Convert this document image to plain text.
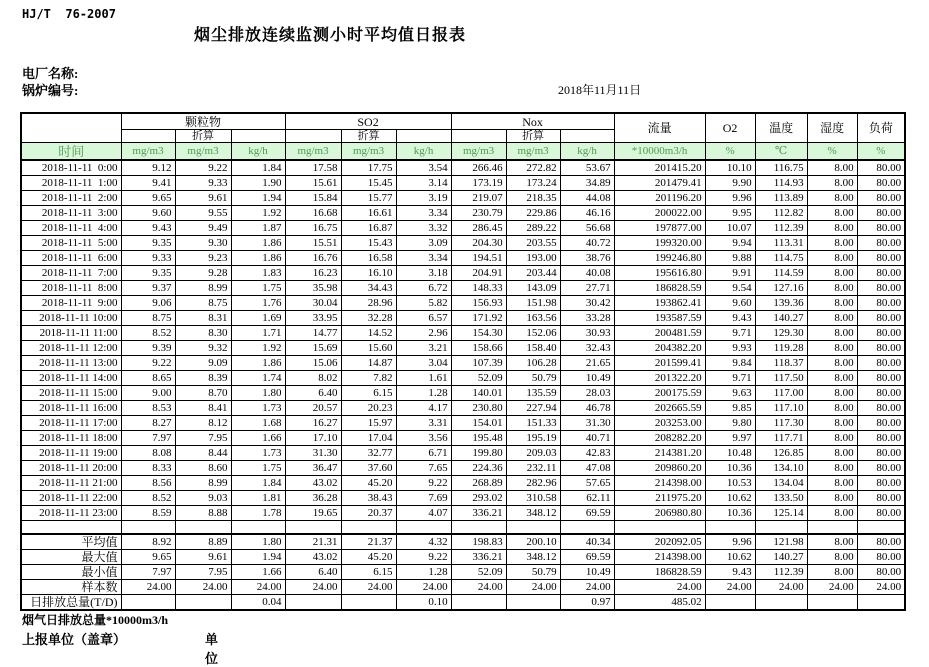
HJ/T  76-2007
烟尘排放连续监测小时平均值日报表
电厂名称:
锅炉编号:	2018年11月11日
	颗粒物			SO2			Nox			流量	O2	温度	湿度	负荷
		折算			折算			折算						
时间	mg/m3	mg/m3	kg/h	mg/m3	mg/m3	kg/h	mg/m3	mg/m3	kg/h	*10000m3/h	%	℃	%	%
2018-11-11  0:00	9.12	9.22	1.84	17.58	17.75	3.54	266.46	272.82	53.67	201415.20	10.10	116.75	8.00	80.00
2018-11-11  1:00	9.41	9.33	1.90	15.61	15.45	3.14	173.19	173.24	34.89	201479.41	9.90	114.93	8.00	80.00
2018-11-11  2:00	9.65	9.61	1.94	15.84	15.77	3.19	219.07	218.35	44.08	201196.20	9.96	113.89	8.00	80.00
2018-11-11  3:00	9.60	9.55	1.92	16.68	16.61	3.34	230.79	229.86	46.16	200022.00	9.95	112.82	8.00	80.00
2018-11-11  4:00	9.43	9.49	1.87	16.75	16.87	3.32	286.45	289.22	56.68	197877.00	10.07	112.39	8.00	80.00
2018-11-11  5:00	9.35	9.30	1.86	15.51	15.43	3.09	204.30	203.55	40.72	199320.00	9.94	113.31	8.00	80.00
2018-11-11  6:00	9.33	9.23	1.86	16.76	16.58	3.34	194.51	193.00	38.76	199246.80	9.88	114.75	8.00	80.00
2018-11-11  7:00	9.35	9.28	1.83	16.23	16.10	3.18	204.91	203.44	40.08	195616.80	9.91	114.59	8.00	80.00
2018-11-11  8:00	9.37	8.99	1.75	35.98	34.43	6.72	148.33	143.09	27.71	186828.59	9.54	127.16	8.00	80.00
2018-11-11  9:00	9.06	8.75	1.76	30.04	28.96	5.82	156.93	151.98	30.42	193862.41	9.60	139.36	8.00	80.00
2018-11-11 10:00	8.75	8.31	1.69	33.95	32.28	6.57	171.92	163.56	33.28	193587.59	9.43	140.27	8.00	80.00
2018-11-11 11:00	8.52	8.30	1.71	14.77	14.52	2.96	154.30	152.06	30.93	200481.59	9.71	129.30	8.00	80.00
2018-11-11 12:00	9.39	9.32	1.92	15.69	15.60	3.21	158.66	158.40	32.43	204382.20	9.93	119.28	8.00	80.00
2018-11-11 13:00	9.22	9.09	1.86	15.06	14.87	3.04	107.39	106.28	21.65	201599.41	9.84	118.37	8.00	80.00
2018-11-11 14:00	8.65	8.39	1.74	8.02	7.82	1.61	52.09	50.79	10.49	201322.20	9.71	117.50	8.00	80.00
2018-11-11 15:00	9.00	8.70	1.80	6.40	6.15	1.28	140.01	135.59	28.03	200175.59	9.63	117.00	8.00	80.00
2018-11-11 16:00	8.53	8.41	1.73	20.57	20.23	4.17	230.80	227.94	46.78	202665.59	9.85	117.10	8.00	80.00
2018-11-11 17:00	8.27	8.12	1.68	16.27	15.97	3.31	154.01	151.33	31.30	203253.00	9.80	117.30	8.00	80.00
2018-11-11 18:00	7.97	7.95	1.66	17.10	17.04	3.56	195.48	195.19	40.71	208282.20	9.97	117.71	8.00	80.00
2018-11-11 19:00	8.08	8.44	1.73	31.30	32.77	6.71	199.80	209.03	42.83	214381.20	10.48	126.85	8.00	80.00
2018-11-11 20:00	8.33	8.60	1.75	36.47	37.60	7.65	224.36	232.11	47.08	209860.20	10.36	134.10	8.00	80.00
2018-11-11 21:00	8.56	8.99	1.84	43.02	45.20	9.22	268.89	282.96	57.65	214398.00	10.53	134.04	8.00	80.00
2018-11-11 22:00	8.52	9.03	1.81	36.28	38.43	7.69	293.02	310.58	62.11	211975.20	10.62	133.50	8.00	80.00
2018-11-11 23:00	8.59	8.88	1.78	19.65	20.37	4.07	336.21	348.12	69.59	206980.80	10.36	125.14	8.00	80.00

平均值	8.92	8.89	1.80	21.31	21.37	4.32	198.83	200.10	40.34	202092.05	9.96	121.98	8.00	80.00
最大值	9.65	9.61	1.94	43.02	45.20	9.22	336.21	348.12	69.59	214398.00	10.62	140.27	8.00	80.00
最小值	7.97	7.95	1.66	6.40	6.15	1.28	52.09	50.79	10.49	186828.59	9.43	112.39	8.00	80.00
样本数	24.00	24.00	24.00	24.00	24.00	24.00	24.00	24.00	24.00	24.00	24.00	24.00	24.00	24.00
日排放总量(T/D)			0.04			0.10			0.97	485.02				
烟气日排放总量*10000m3/h
上报单位（盖章）	单位
